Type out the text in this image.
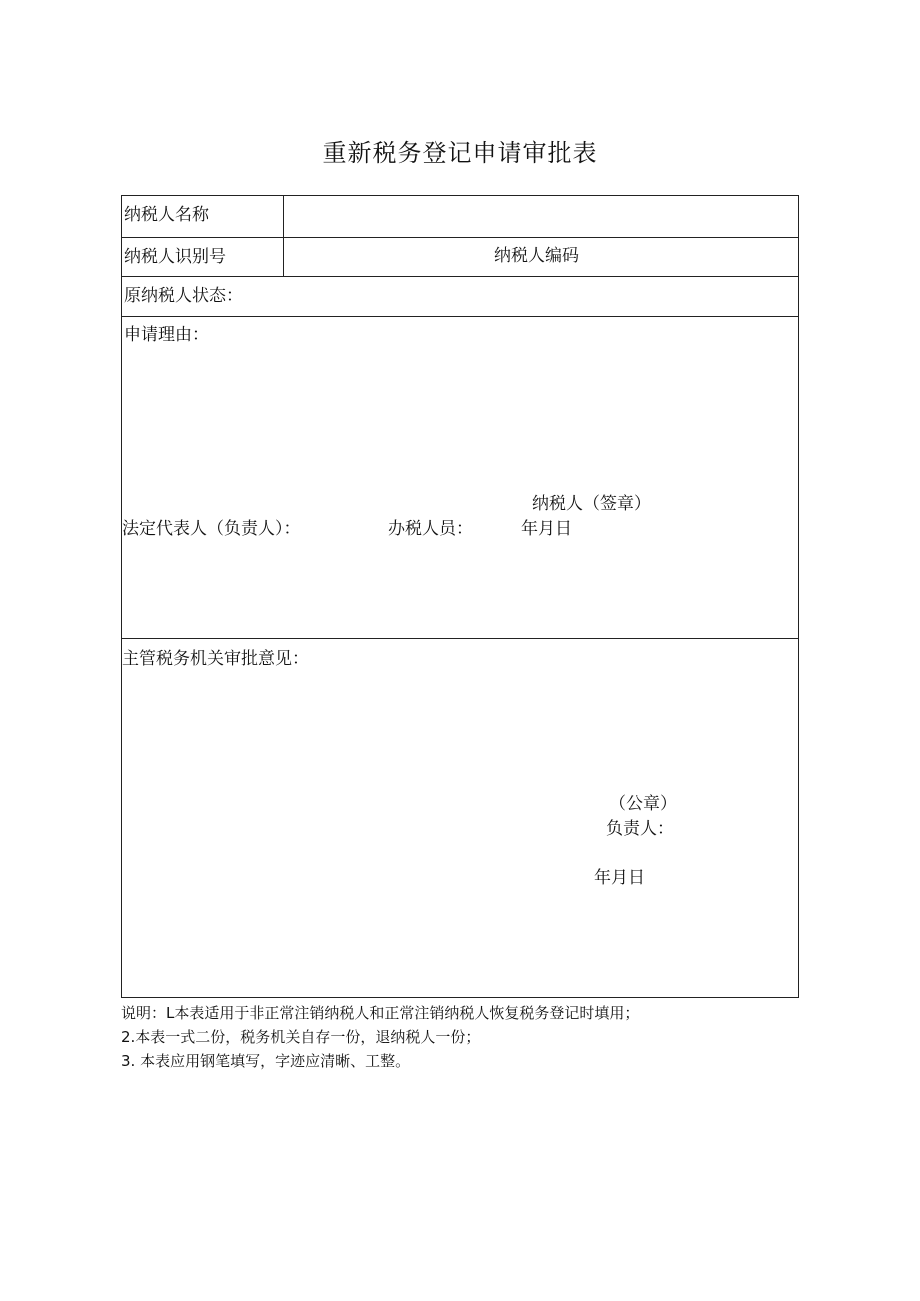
重新税务登记申请审批表
纳税人名称
纳税人识别号	纳税人编码
原纳税人状态：
申请理由：
纳税人（签章）
法定代表人（负责人）：	办税人员：	年月日
主管税务机关审批意见：
（公章）
负责人：
年月日
说明：L本表适用于非正常注销纳税人和正常注销纳税人恢复税务登记时填用；
2.本表一式二份，税务机关自存一份，退纳税人一份；
3. 本表应用钢笔填写，字迹应清晰、工整。
